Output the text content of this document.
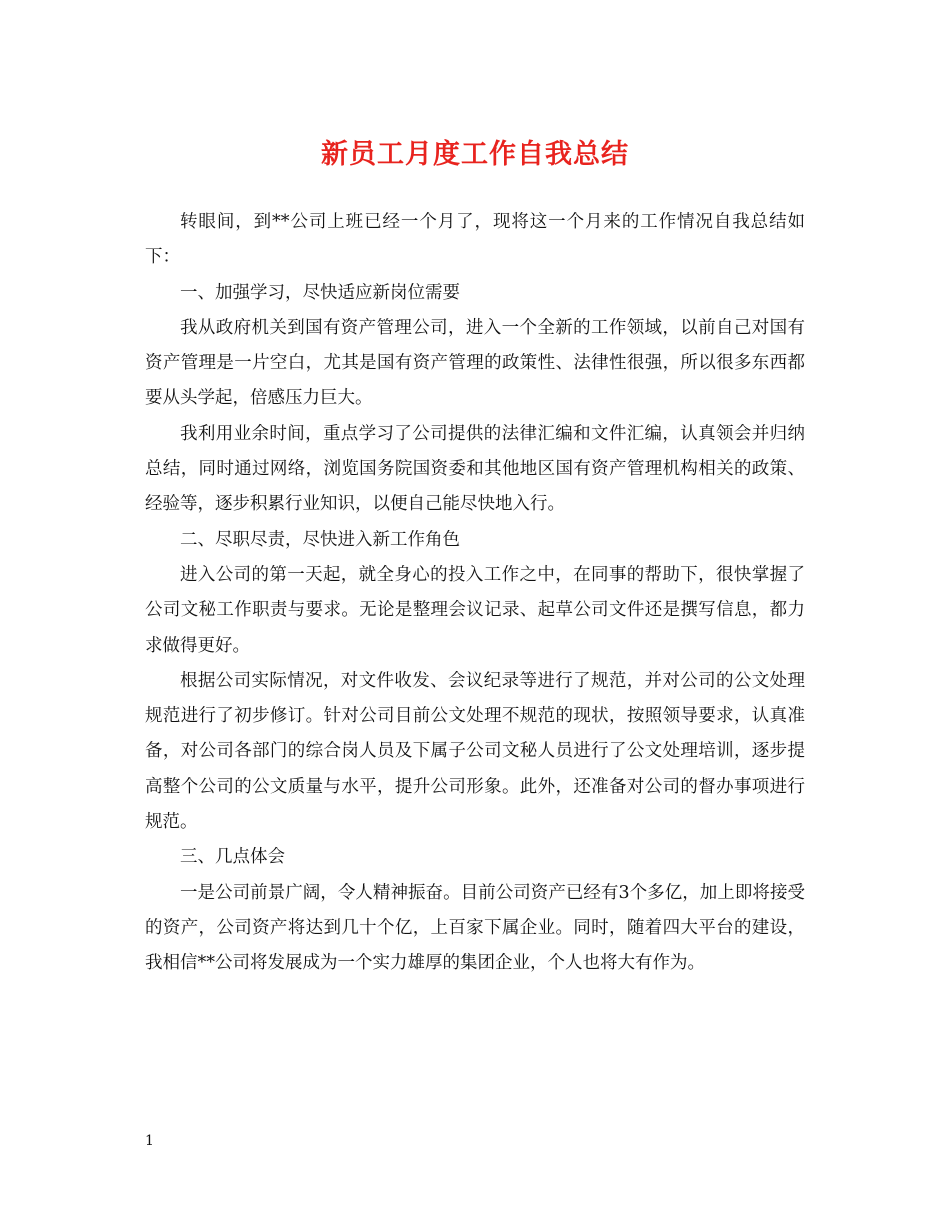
新员工月度工作自我总结

转眼间，到**公司上班已经一个月了，现将这一个月来的工作情况自我总结如下：

一、加强学习，尽快适应新岗位需要

我从政府机关到国有资产管理公司，进入一个全新的工作领域，以前自己对国有资产管理是一片空白，尤其是国有资产管理的政策性、法律性很强，所以很多东西都要从头学起，倍感压力巨大。

我利用业余时间，重点学习了公司提供的法律汇编和文件汇编，认真领会并归纳总结，同时通过网络，浏览国务院国资委和其他地区国有资产管理机构相关的政策、经验等，逐步积累行业知识，以便自己能尽快地入行。

二、尽职尽责，尽快进入新工作角色

进入公司的第一天起，就全身心的投入工作之中，在同事的帮助下，很快掌握了公司文秘工作职责与要求。无论是整理会议记录、起草公司文件还是撰写信息，都力求做得更好。

根据公司实际情况，对文件收发、会议纪录等进行了规范，并对公司的公文处理规范进行了初步修订。针对公司目前公文处理不规范的现状，按照领导要求，认真准备，对公司各部门的综合岗人员及下属子公司文秘人员进行了公文处理培训，逐步提高整个公司的公文质量与水平，提升公司形象。此外，还准备对公司的督办事项进行规范。

三、几点体会

一是公司前景广阔，令人精神振奋。目前公司资产已经有3个多亿，加上即将接受的资产，公司资产将达到几十个亿，上百家下属企业。同时，随着四大平台的建设，我相信**公司将发展成为一个实力雄厚的集团企业，个人也将大有作为。

1
